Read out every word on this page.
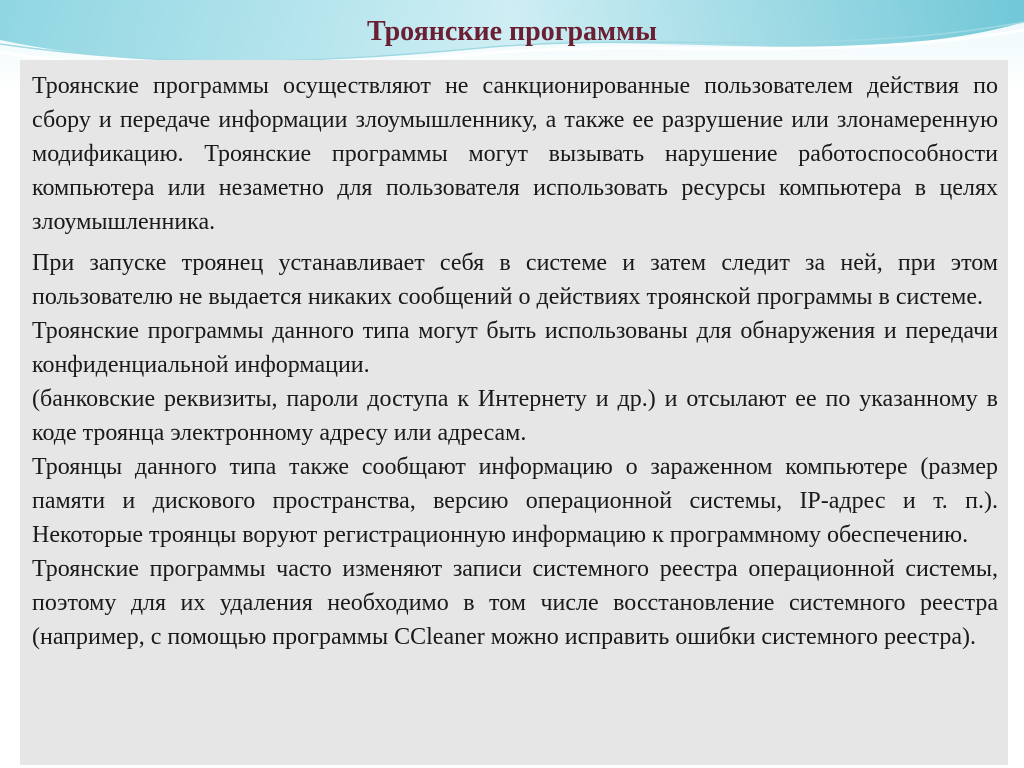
Троянские программы

Троянские программы осуществляют не санкционированные пользователем действия по сбору и передаче информации злоумышленнику, а также ее разрушение или злонамеренную модификацию. Троянские программы могут вызывать нарушение работоспособности компьютера или незаметно для пользователя использовать ресурсы компьютера в целях злоумышленника.

При запуске троянец устанавливает себя в системе и затем следит за ней, при этом пользователю не выдается никаких сообщений о действиях троянской программы в системе.

Троянские программы данного типа могут быть использованы для обнаружения и передачи конфиденциальной информации.

(банковские реквизиты, пароли доступа к Интернету и др.) и отсылают ее по указанному в коде троянца электронному адресу или адресам.

Троянцы данного типа также сообщают информацию о зараженном компьютере (размер памяти и дискового пространства, версию операционной системы, IP-адрес и т. п.). Некоторые троянцы воруют регистрационную информацию к программному обеспечению.

Троянские программы часто изменяют записи системного реестра операционной системы, поэтому для их удаления необходимо в том числе восстановление системного реестра (например, с помощью программы CCleaner можно исправить ошибки системного реестра).
